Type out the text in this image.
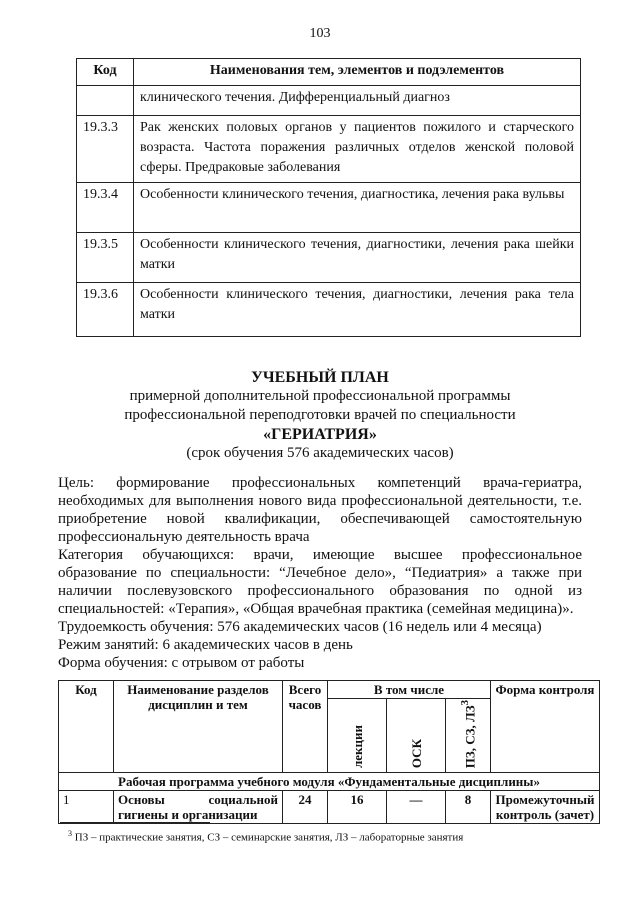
103
Код	Наименования тем, элементов и подэлементов
	клинического течения. Дифференциальный диагноз
19.3.3	Рак женских половых органов у пациентов пожилого и старческого возраста. Частота поражения различных отделов женской половой сферы. Предраковые заболевания
19.3.4	Особенности клинического течения, диагностика, лечения рака вульвы
19.3.5	Особенности клинического течения, диагностики, лечения рака шейки матки
19.3.6	Особенности клинического течения, диагностики, лечения рака тела матки
УЧЕБНЫЙ ПЛАН
примерной дополнительной профессиональной программы
профессиональной переподготовки врачей по специальности
«ГЕРИАТРИЯ»
(срок обучения 576 академических часов)

Цель: формирование профессиональных компетенций врача-гериатра, необходимых для выполнения нового вида профессиональной деятельности, т.е. приобретение новой квалификации, обеспечивающей самостоятельную профессиональную деятельность врача

Категория обучающихся: врачи, имеющие высшее профессиональное образование по специальности: “Лечебное дело», “Педиатрия» а также при наличии послевузовского профессионального образования по одной из специальностей: «Терапия», «Общая врачебная практика (семейная медицина)».

Трудоемкость обучения: 576 академических часов (16 недель или 4 месяца)

Режим занятий: 6 академических часов в день

Форма обучения: с отрывом от работы

Код	Наименование разделов дисциплин и тем	Всего часов	В том числе			Форма контроля
			лекции	ОСК	ПЗ, СЗ, $ЛЗ^3$
Рабочая программа учебного модуля «Фундаментальные дисциплины»						
1	Основы социальной гигиены и организации	24	16	—	8	Промежуточный контроль (зачет)
$^3$ ПЗ – практические занятия, СЗ – семинарские занятия, ЛЗ – лабораторные занятия
